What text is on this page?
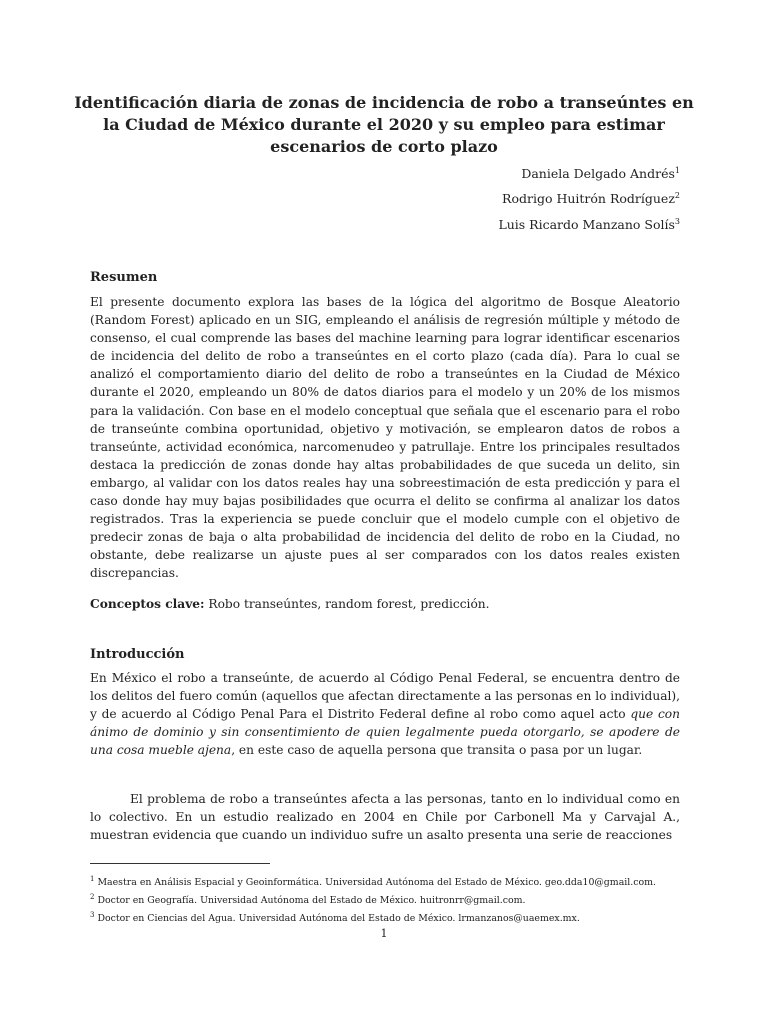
Identificación diaria de zonas de incidencia de robo a transeúntes en la Ciudad de México durante el 2020 y su empleo para estimar escenarios de corto plazo
Daniela Delgado Andrés$^1$
Rodrigo Huitrón Rodríguez$^2$
Luis Ricardo Manzano Solís$^3$
Resumen

El presente documento explora las bases de la lógica del algoritmo de Bosque Aleatorio (Random Forest) aplicado en un SIG, empleando el análisis de regresión múltiple y método de consenso, el cual comprende las bases del machine learning para lograr identificar escenarios de incidencia del delito de robo a transeúntes en el corto plazo (cada día). Para lo cual se analizó el comportamiento diario del delito de robo a transeúntes en la Ciudad de México durante el 2020, empleando un 80% de datos diarios para el modelo y un 20% de los mismos para la validación. Con base en el modelo conceptual que señala que el escenario para el robo de transeúnte combina oportunidad, objetivo y motivación, se emplearon datos de robos a transeúnte, actividad económica, narcomenudeo y patrullaje. Entre los principales resultados destaca la predicción de zonas donde hay altas probabilidades de que suceda un delito, sin embargo, al validar con los datos reales hay una sobreestimación de esta predicción y para el caso donde hay muy bajas posibilidades que ocurra el delito se confirma al analizar los datos registrados. Tras la experiencia se puede concluir que el modelo cumple con el objetivo de predecir zonas de baja o alta probabilidad de incidencia del delito de robo en la Ciudad, no obstante, debe realizarse un ajuste pues al ser comparados con los datos reales existen discrepancias.

Conceptos clave: Robo transeúntes, random forest, predicción.

Introducción

En México el robo a transeúnte, de acuerdo al Código Penal Federal, se encuentra dentro de los delitos del fuero común (aquellos que afectan directamente a las personas en lo individual), y de acuerdo al Código Penal Para el Distrito Federal define al robo como aquel acto que con ánimo de dominio y sin consentimiento de quien legalmente pueda otorgarlo, se apodere de una cosa mueble ajena, en este caso de aquella persona que transita o pasa por un lugar.

El problema de robo a transeúntes afecta a las personas, tanto en lo individual como en lo colectivo. En un estudio realizado en 2004 en Chile por Carbonell Ma y Carvajal A., muestran evidencia que cuando un individuo sufre un asalto presenta una serie de reacciones

$^1$ Maestra en Análisis Espacial y Geoinformática. Universidad Autónoma del Estado de México. geo.dda10@gmail.com.

$^2$ Doctor en Geografía. Universidad Autónoma del Estado de México. huitronrr@gmail.com.

$^3$ Doctor en Ciencias del Agua. Universidad Autónoma del Estado de México. lrmanzanos@uaemex.mx.

1
